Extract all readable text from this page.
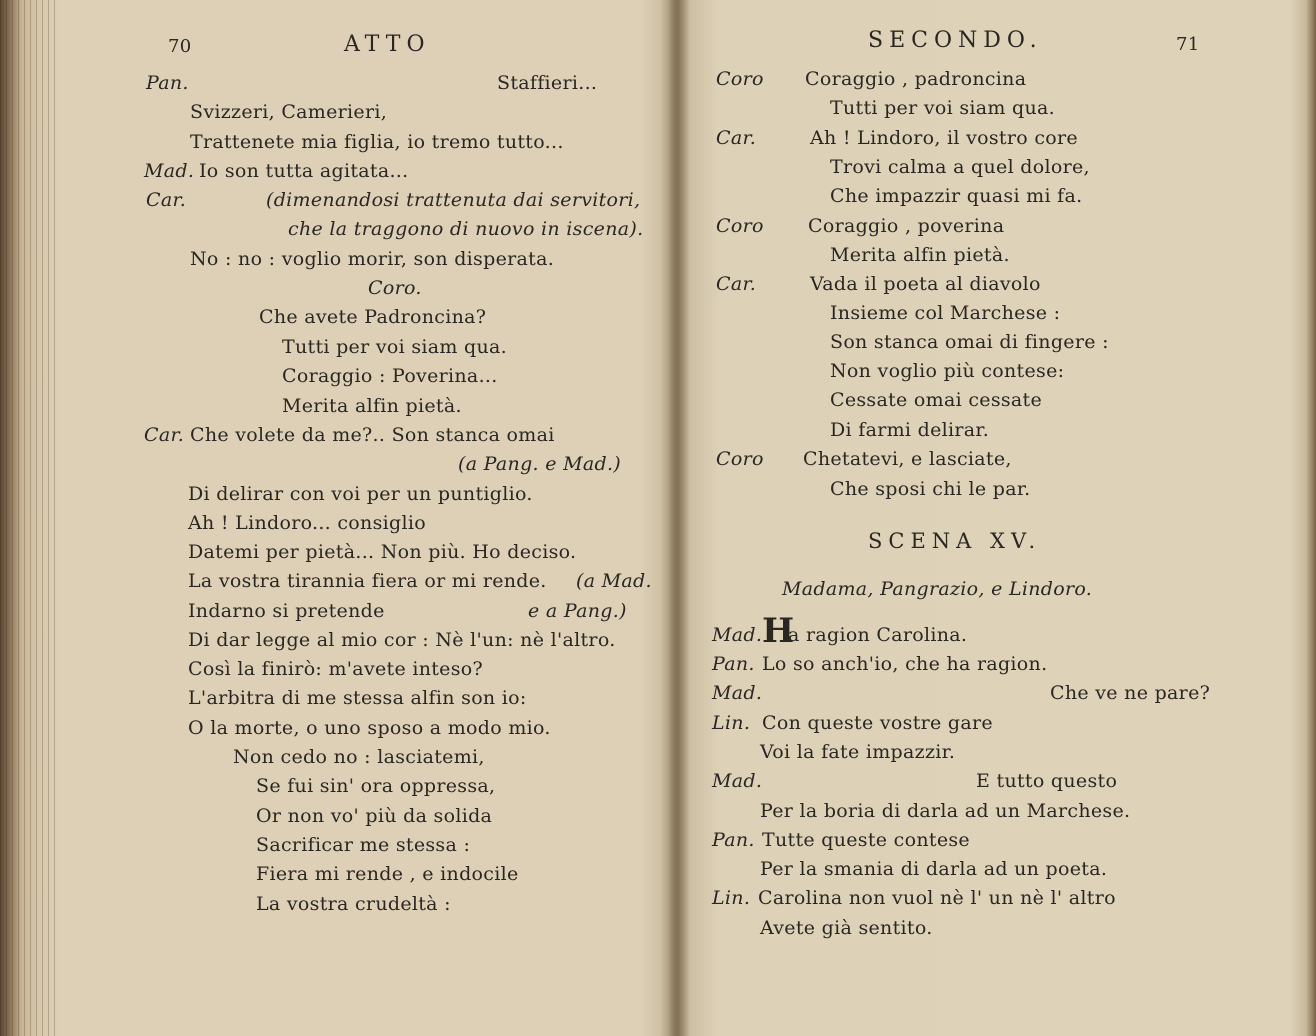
70	ATTO
Pan.	Staffieri...
Svizzeri, Camerieri,
Trattenete mia figlia, io tremo tutto...
Mad. Io son tutta agitata...
Car.	(dimenandosi trattenuta dai servitori,
che la traggono di nuovo in iscena).
No : no : voglio morir, son disperata.
Coro.
Che avete Padroncina?
Tutti per voi siam qua.
Coraggio : Poverina...
Merita alfin pietà.
Car. Che volete da me?.. Son stanca omai
(a Pang. e Mad.)
Di delirar con voi per un puntiglio.
Ah ! Lindoro... consiglio
Datemi per pietà... Non più. Ho deciso.
La vostra tirannia fiera or mi rende. (a Mad.
Indarno si pretende	e a Pang.)
Di dar legge al mio cor : Nè l'un: nè l'altro.
Così la finirò: m'avete inteso?
L'arbitra di me stessa alfin son io:
O la morte, o uno sposo a modo mio.
Non cedo no : lasciatemi,
Se fui sin' ora oppressa,
Or non vo' più da solida
Sacrificar me stessa :
Fiera mi rende , e indocile
La vostra crudeltà :
SECONDO.	71
Coro Coraggio , padroncina
Tutti per voi siam qua.
Car.	Ah ! Lindoro, il vostro core
Trovi calma a quel dolore,
Che impazzir quasi mi fa.
Coro Coraggio , poverina
Merita alfin pietà.
Car.	Vada il poeta al diavolo
Insieme col Marchese :
Son stanca omai di fingere :
Non voglio più contese:
Cessate omai cessate
Di farmi delirar.
Coro Chetatevi, e lasciate,
Che sposi chi le par.
SCENA XV.
Madama, Pangrazio, e Lindoro.
Mad. H
a ragion Carolina.
Pan. Lo so anch'io, che ha ragion.
Mad.	Che ve ne pare?
Lin. Con queste vostre gare
Voi la fate impazzir.
Mad.	E tutto questo
Per la boria di darla ad un Marchese.
Pan. Tutte queste contese
Per la smania di darla ad un poeta.
Lin. Carolina non vuol nè l' un nè l' altro
Avete già sentito.
